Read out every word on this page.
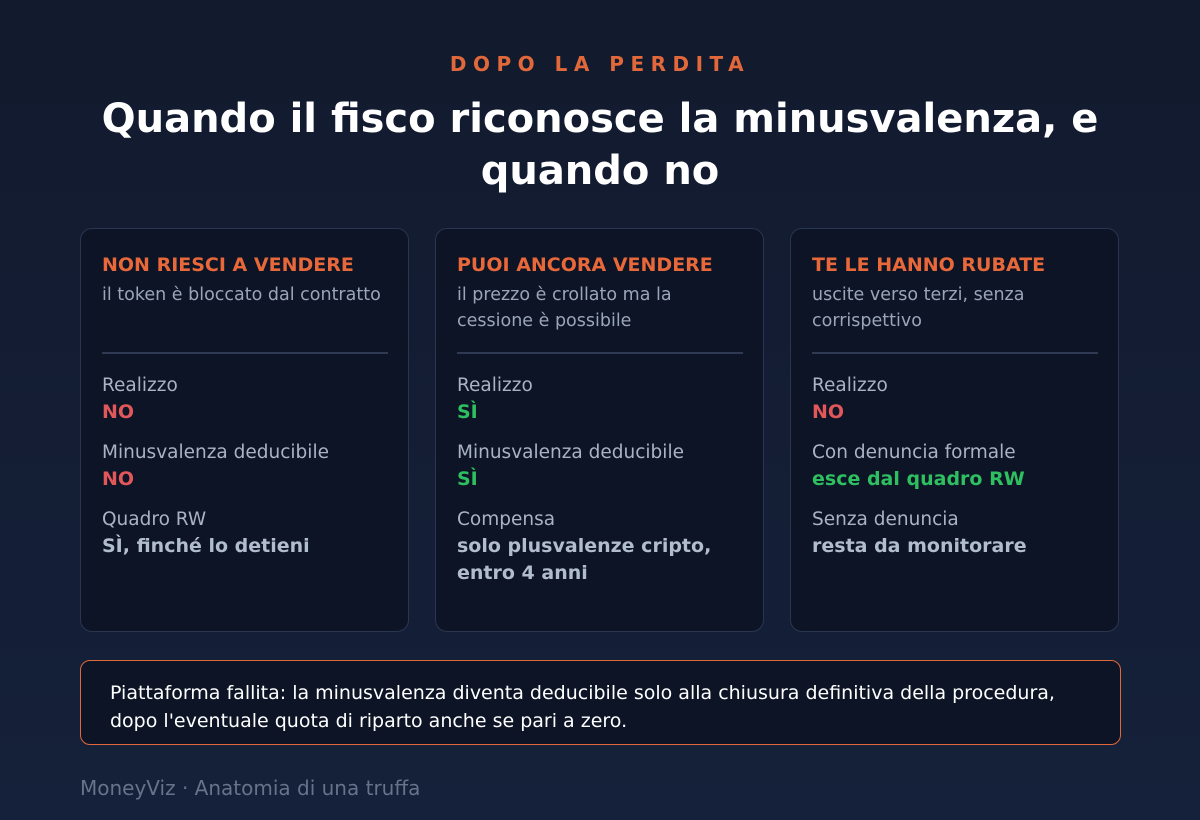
DOPO LA PERDITA
Quando il fisco riconosce la minusvalenza, e quando no
NON RIESCI A VENDERE
il token è bloccato dal contratto
Realizzo
NO
Minusvalenza deducibile
NO
Quadro RW
SÌ, finché lo detieni
PUOI ANCORA VENDERE
il prezzo è crollato ma la cessione è possibile
Realizzo
SÌ
Minusvalenza deducibile
SÌ
Compensa
solo plusvalenze cripto, entro 4 anni
TE LE HANNO RUBATE
uscite verso terzi, senza corrispettivo
Realizzo
NO
Con denuncia formale
esce dal quadro RW
Senza denuncia
resta da monitorare
Piattaforma fallita: la minusvalenza diventa deducibile solo alla chiusura definitiva della procedura, dopo l'eventuale quota di riparto anche se pari a zero.
MoneyViz · Anatomia di una truffa
